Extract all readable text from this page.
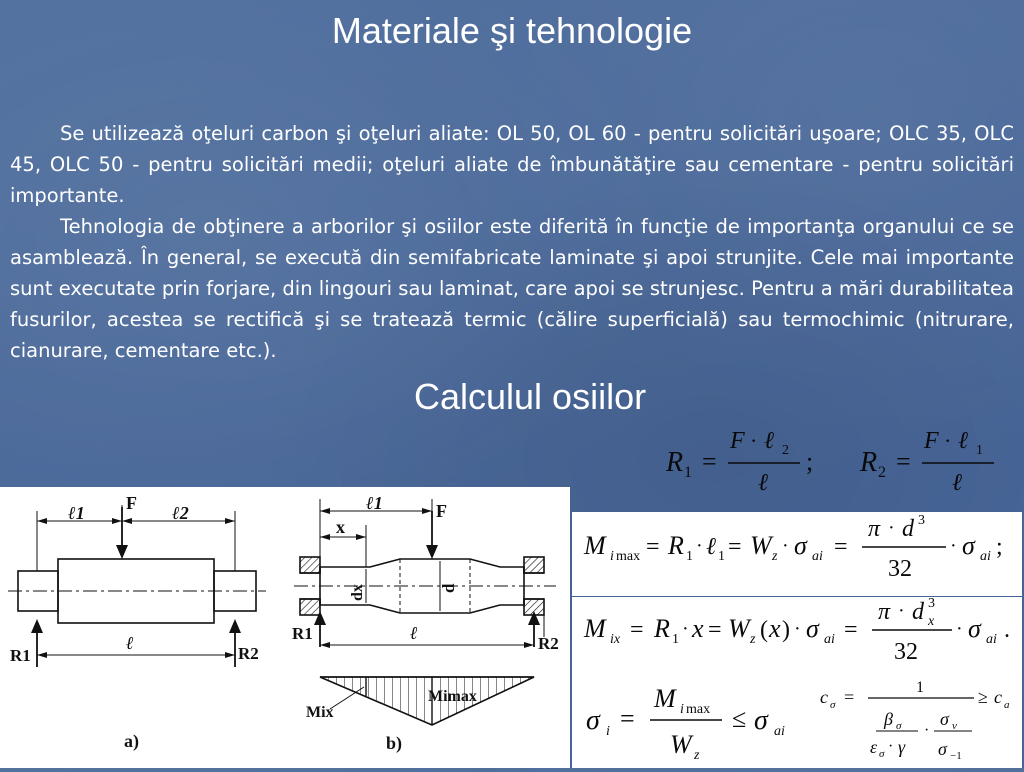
Materiale şi tehnologie

Se utilizează oţeluri carbon şi oţeluri aliate: OL 50, OL 60 - pentru solicitări uşoare; OLC 35, OLC 45, OLC 50 - pentru solicitări medii; oţeluri aliate de îmbunătăţire sau cementare - pentru solicitări importante.

Tehnologia de obţinere a arborilor şi osiilor este diferită în funcţie de importanţa organului ce se asamblează. În general, se execută din semifabricate laminate şi apoi strunjite. Cele mai importante sunt executate prin forjare, din lingouri sau laminat, care apoi se strunjesc. Pentru a mări durabilitatea fusurilor, acestea se rectifică şi se tratează termic (călire superficială) sau termochimic (nitrurare, cianurare, cementare etc.).

Calculul osiilor
R 1 =
F · ℓ 2
ℓ
; R 2 =
F · ℓ 1
ℓ
ℓ1	ℓ2
F
ℓ
R1	R2
a)
ℓ1
x
F
dx	d
ℓ
R1
R2
Mimax
Mix
b)
M i max = R 1 · ℓ 1 = W z · σ ai =
π · d 3
32
· σ ai ;
M ix = R 1 · x = W z ( x ) · σ ai =
π · d 3
x
32
· σ ai .
σ i =
M i max
W z
≤ σ ai
c σ =	1
β σ
ε σ · γ
·
σ v
σ −1
≥ c a
